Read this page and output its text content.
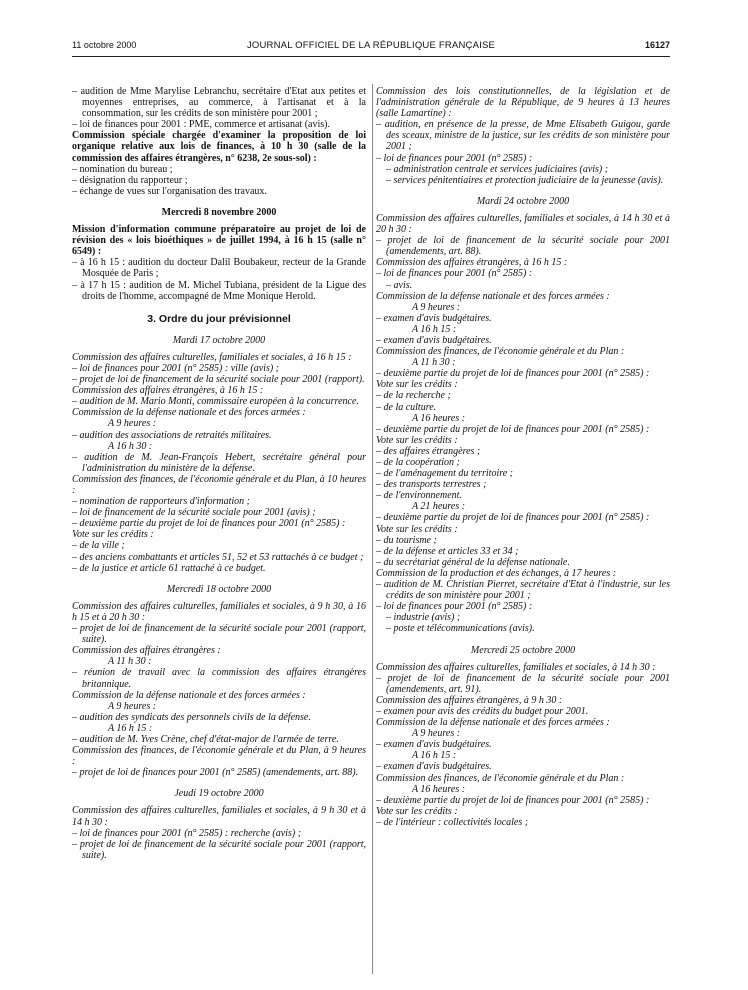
11 octobre 2000	JOURNAL OFFICIEL DE LA RÉPUBLIQUE FRANÇAISE	16127
– audition de Mme Marylise Lebranchu, secrétaire d'Etat aux petites et moyennes entreprises, au commerce, à l'artisanat et à la consommation, sur les crédits de son ministère pour 2001 ;
– loi de finances pour 2001 : PME, commerce et artisanat (avis).
Commission spéciale chargée d'examiner la proposition de loi organique relative aux lois de finances, à 10 h 30 (salle de la commission des affaires étrangères, n° 6238, 2e sous-sol) :
– nomination du bureau ;
– désignation du rapporteur ;
– échange de vues sur l'organisation des travaux.
Mercredi 8 novembre 2000
Mission d'information commune préparatoire au projet de loi de révision des « lois bioéthiques » de juillet 1994, à 16 h 15 (salle n° 6549) :
– à 16 h 15 : audition du docteur Dalil Boubakeur, recteur de la Grande Mosquée de Paris ;
– à 17 h 15 : audition de M. Michel Tubiana, président de la Ligue des droits de l'homme, accompagné de Mme Monique Herold.
3. Ordre du jour prévisionnel
Mardi 17 octobre 2000
Commission des affaires culturelles, familiales et sociales, à 16 h 15 :
– loi de finances pour 2001 (n° 2585) : ville (avis) ;
– projet de loi de financement de la sécurité sociale pour 2001 (rapport).
Commission des affaires étrangères, à 16 h 15 :
– audition de M. Mario Monti, commissaire européen à la concurrence.
Commission de la défense nationale et des forces armées :
A 9 heures :
– audition des associations de retraités militaires.
A 16 h 30 :
– audition de M. Jean-François Hebert, secrétaire général pour l'administration du ministère de la défense.
Commission des finances, de l'économie générale et du Plan, à 10 heures :
– nomination de rapporteurs d'information ;
– loi de financement de la sécurité sociale pour 2001 (avis) ;
– deuxième partie du projet de loi de finances pour 2001 (n° 2585) :
Vote sur les crédits :
– de la ville ;
– des anciens combattants et articles 51, 52 et 53 rattachés à ce budget ;
– de la justice et article 61 rattaché à ce budget.
Mercredi 18 octobre 2000
Commission des affaires culturelles, familiales et sociales, à 9 h 30, à 16 h 15 et à 20 h 30 :
– projet de loi de financement de la sécurité sociale pour 2001 (rapport, suite).
Commission des affaires étrangères :
A 11 h 30 :
– réunion de travail avec la commission des affaires étrangères britannique.
Commission de la défense nationale et des forces armées :
A 9 heures :
– audition des syndicats des personnels civils de la défense.
A 16 h 15 :
– audition de M. Yves Crène, chef d'état-major de l'armée de terre.
Commission des finances, de l'économie générale et du Plan, à 9 heures :
– projet de loi de finances pour 2001 (n° 2585) (amendements, art. 88).
Jeudi 19 octobre 2000
Commission des affaires culturelles, familiales et sociales, à 9 h 30 et à 14 h 30 :
– loi de finances pour 2001 (n° 2585) : recherche (avis) ;
– projet de loi de financement de la sécurité sociale pour 2001 (rapport, suite).
Commission des lois constitutionnelles, de la législation et de l'administration générale de la République, de 9 heures à 13 heures (salle Lamartine) :
– audition, en présence de la presse, de Mme Elisabeth Guigou, garde des sceaux, ministre de la justice, sur les crédits de son ministère pour 2001 ;
– loi de finances pour 2001 (n° 2585) :
– administration centrale et services judiciaires (avis) ;
– services pénitentiaires et protection judiciaire de la jeunesse (avis).
Mardi 24 octobre 2000
Commission des affaires culturelles, familiales et sociales, à 14 h 30 et à 20 h 30 :
– projet de loi de financement de la sécurité sociale pour 2001 (amendements, art. 88).
Commission des affaires étrangères, à 16 h 15 :
– loi de finances pour 2001 (n° 2585) :
– avis.
Commission de la défense nationale et des forces armées :
A 9 heures :
– examen d'avis budgétaires.
A 16 h 15 :
– examen d'avis budgétaires.
Commission des finances, de l'économie générale et du Plan :
A 11 h 30 :
– deuxième partie du projet de loi de finances pour 2001 (n° 2585) :
Vote sur les crédits :
– de la recherche ;
– de la culture.
A 16 heures :
– deuxième partie du projet de loi de finances pour 2001 (n° 2585) :
Vote sur les crédits :
– des affaires étrangères ;
– de la coopération ;
– de l'aménagement du territoire ;
– des transports terrestres ;
– de l'environnement.
A 21 heures :
– deuxième partie du projet de loi de finances pour 2001 (n° 2585) :
Vote sur les crédits :
– du tourisme ;
– de la défense et articles 33 et 34 ;
– du secrétariat général de la défense nationale.
Commission de la production et des échanges, à 17 heures :
– audition de M. Christian Pierret, secrétaire d'Etat à l'industrie, sur les crédits de son ministère pour 2001 ;
– loi de finances pour 2001 (n° 2585) :
– industrie (avis) ;
– poste et télécommunications (avis).
Mercredi 25 octobre 2000
Commission des affaires culturelles, familiales et sociales, à 14 h 30 :
– projet de loi de financement de la sécurité sociale pour 2001 (amendements, art. 91).
Commission des affaires étrangères, à 9 h 30 :
– examen pour avis des crédits du budget pour 2001.
Commission de la défense nationale et des forces armées :
A 9 heures :
– examen d'avis budgétaires.
A 16 h 15 :
– examen d'avis budgétaires.
Commission des finances, de l'économie générale et du Plan :
A 16 heures :
– deuxième partie du projet de loi de finances pour 2001 (n° 2585) :
Vote sur les crédits :
– de l'intérieur : collectivités locales ;
